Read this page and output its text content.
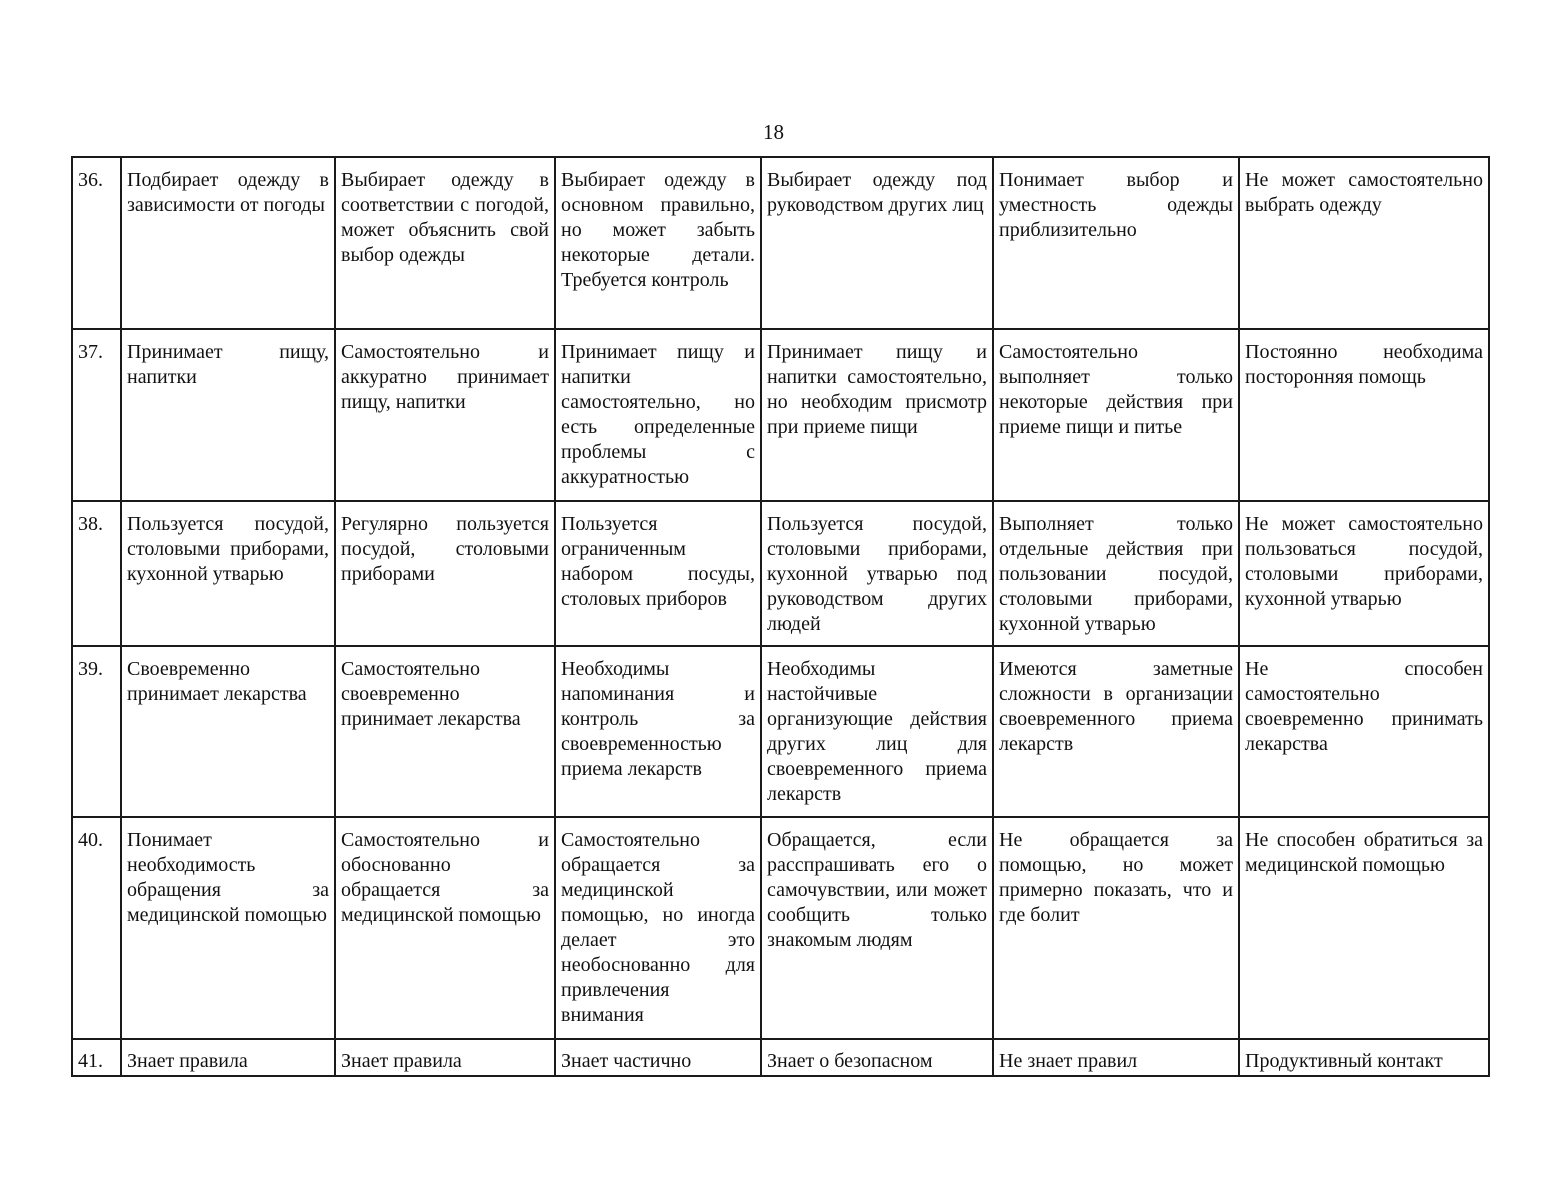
18
36.	Подбирает одежду в зависимости от погоды	Выбирает одежду в соответствии с погодой, может объяснить свой выбор одежды	Выбирает одежду в основном правильно, но может забыть некоторые детали. Требуется контроль	Выбирает одежду под руководством других лиц	Понимает выбор и уместность одежды приблизительно	Не может самостоятельно выбрать одежду
37.	Принимает пищу, напитки	Самостоятельно и аккуратно принимает пищу, напитки	Принимает пищу и напитки самостоятельно, но есть определенные проблемы с аккуратностью	Принимает пищу и напитки самостоятельно, но необходим присмотр при приеме пищи	Самостоятельно выполняет только некоторые действия при приеме пищи и питье	Постоянно необходима посторонняя помощь
38.	Пользуется посудой, столовыми приборами, кухонной утварью	Регулярно пользуется посудой, столовыми приборами	Пользуется ограниченным набором посуды, столовых приборов	Пользуется посудой, столовыми приборами, кухонной утварью под руководством других людей	Выполняет только отдельные действия при пользовании посудой, столовыми приборами, кухонной утварью	Не может самостоятельно пользоваться посудой, столовыми приборами, кухонной утварью
39.	Своевременно принимает лекарства	Самостоятельно своевременно принимает лекарства	Необходимы напоминания и контроль за своевременностью приема лекарств	Необходимы настойчивые организующие действия других лиц для своевременного приема лекарств	Имеются заметные сложности в организации своевременного приема лекарств	Не способен самостоятельно своевременно принимать лекарства
40.	Понимает необходимость обращения за медицинской помощью	Самостоятельно и обоснованно обращается за медицинской помощью	Самостоятельно обращается за медицинской помощью, но иногда делает это необоснованно для привлечения внимания	Обращается, если расспрашивать его о самочувствии, или может сообщить только знакомым людям	Не обращается за помощью, но может примерно показать, что и где болит	Не способен обратиться за медицинской помощью
41.	Знает правила	Знает правила	Знает частично	Знает о безопасном	Не знает правил	Продуктивный контакт
